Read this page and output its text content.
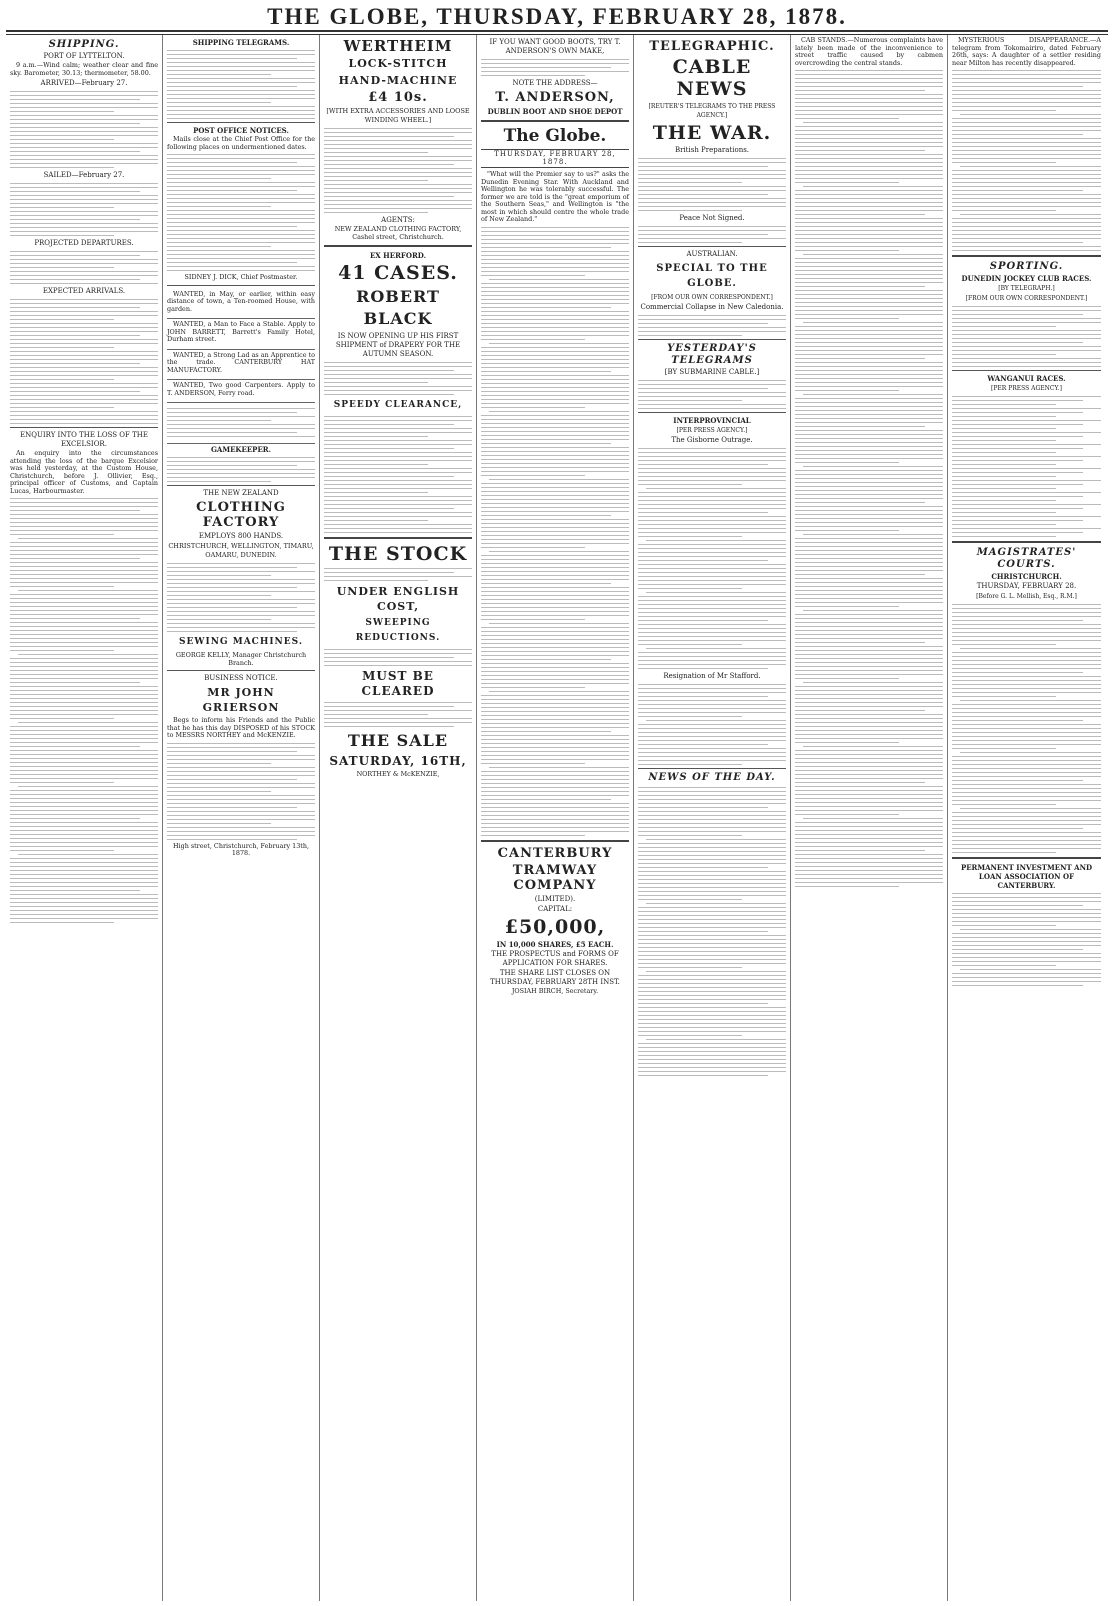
THE GLOBE, THURSDAY, FEBRUARY 28, 1878.
SHIPPING.
PORT OF LYTTELTON.

9 a.m.—Wind calm; weather clear and fine sky. Barometer, 30.13; thermometer, 58.00.

ARRIVED—February 27.
SAILED—February 27.
PROJECTED DEPARTURES.
EXPECTED ARRIVALS.
ENQUIRY INTO THE LOSS OF THE EXCELSIOR.

An enquiry into the circumstances attending the loss of the barque Excelsior was held yesterday, at the Custom House, Christchurch, before J. Ollivier, Esq., principal officer of Customs, and Captain Lucas, Harbourmaster.

SHIPPING TELEGRAMS.
POST OFFICE NOTICES.

Mails close at the Chief Post Office for the following places on undermentioned dates.

SIDNEY J. DICK, Chief Postmaster.

WANTED, in May, or earlier, within easy distance of town, a Ten-roomed House, with garden.

WANTED, a Man to Face a Stable. Apply to JOHN BARRETT, Barrett's Family Hotel, Durham street.

WANTED, a Strong Lad as an Apprentice to the trade. CANTERBURY HAT MANUFACTORY.

WANTED, Two good Carpenters. Apply to T. ANDERSON, Ferry road.

GAMEKEEPER.
THE NEW ZEALAND
CLOTHING FACTORY
EMPLOYS 800 HANDS.
CHRISTCHURCH, WELLINGTON, TIMARU, OAMARU, DUNEDIN.
SEWING MACHINES.
GEORGE KELLY, Manager Christchurch Branch.
BUSINESS NOTICE.
MR JOHN GRIERSON

Begs to inform his Friends and the Public that he has this day DISPOSED of his STOCK to MESSRS NORTHEY and McKENZIE.

High street, Christchurch, February 13th, 1878.
WERTHEIM
LOCK-STITCH
HAND-MACHINE
£4 10s.
[WITH EXTRA ACCESSORIES AND LOOSE WINDING WHEEL.]
AGENTS:
NEW ZEALAND CLOTHING FACTORY, Cashel street, Christchurch.
EX HERFORD.
41 CASES.
ROBERT BLACK
IS NOW OPENING UP HIS FIRST SHIPMENT of DRAPERY FOR THE AUTUMN SEASON.
SPEEDY CLEARANCE,
THE STOCK
UNDER ENGLISH COST,
SWEEPING REDUCTIONS.
MUST BE CLEARED
THE SALE
SATURDAY, 16TH,
NORTHEY & McKENZIE,
IF YOU WANT GOOD BOOTS, TRY T. ANDERSON'S OWN MAKE,
NOTE THE ADDRESS—
T. ANDERSON,
DUBLIN BOOT AND SHOE DEPOT
The Globe.
THURSDAY, FEBRUARY 28, 1878.

"What will the Premier say to us?" asks the Dunedin Evening Star. With Auckland and Wellington he was tolerably successful. The former we are told is the "great emporium of the Southern Seas," and Wellington is "the most in which should centre the whole trade of New Zealand."

CANTERBURY
TRAMWAY COMPANY
(LIMITED).
CAPITAL:
£50,000,
IN 10,000 SHARES, £5 EACH.
THE PROSPECTUS and FORMS OF APPLICATION FOR SHARES.
THE SHARE LIST CLOSES ON THURSDAY, FEBRUARY 28TH INST.
JOSIAH BIRCH, Secretary.
TELEGRAPHIC.
CABLE NEWS
[REUTER'S TELEGRAMS TO THE PRESS AGENCY.]
THE WAR.
British Preparations.
Peace Not Signed.
AUSTRALIAN.
SPECIAL TO THE GLOBE.
[FROM OUR OWN CORRESPONDENT.]
Commercial Collapse in New Caledonia.
YESTERDAY'S TELEGRAMS
[BY SUBMARINE CABLE.]
INTERPROVINCIAL
[PER PRESS AGENCY.]
The Gisborne Outrage.
Resignation of Mr Stafford.
NEWS OF THE DAY.

CAB STANDS.—Numerous complaints have lately been made of the inconvenience to street traffic caused by cabmen overcrowding the central stands.

MYSTERIOUS DISAPPEARANCE.—A telegram from Tokomairiro, dated February 26th, says: A daughter of a settler residing near Milton has recently disappeared.

SPORTING.
DUNEDIN JOCKEY CLUB RACES.
[BY TELEGRAPH.]
[FROM OUR OWN CORRESPONDENT.]
WANGANUI RACES.
[PER PRESS AGENCY.]
MAGISTRATES' COURTS.
CHRISTCHURCH.
THURSDAY, FEBRUARY 28.
[Before G. L. Mellish, Esq., R.M.]
PERMANENT INVESTMENT AND LOAN ASSOCIATION OF CANTERBURY.
